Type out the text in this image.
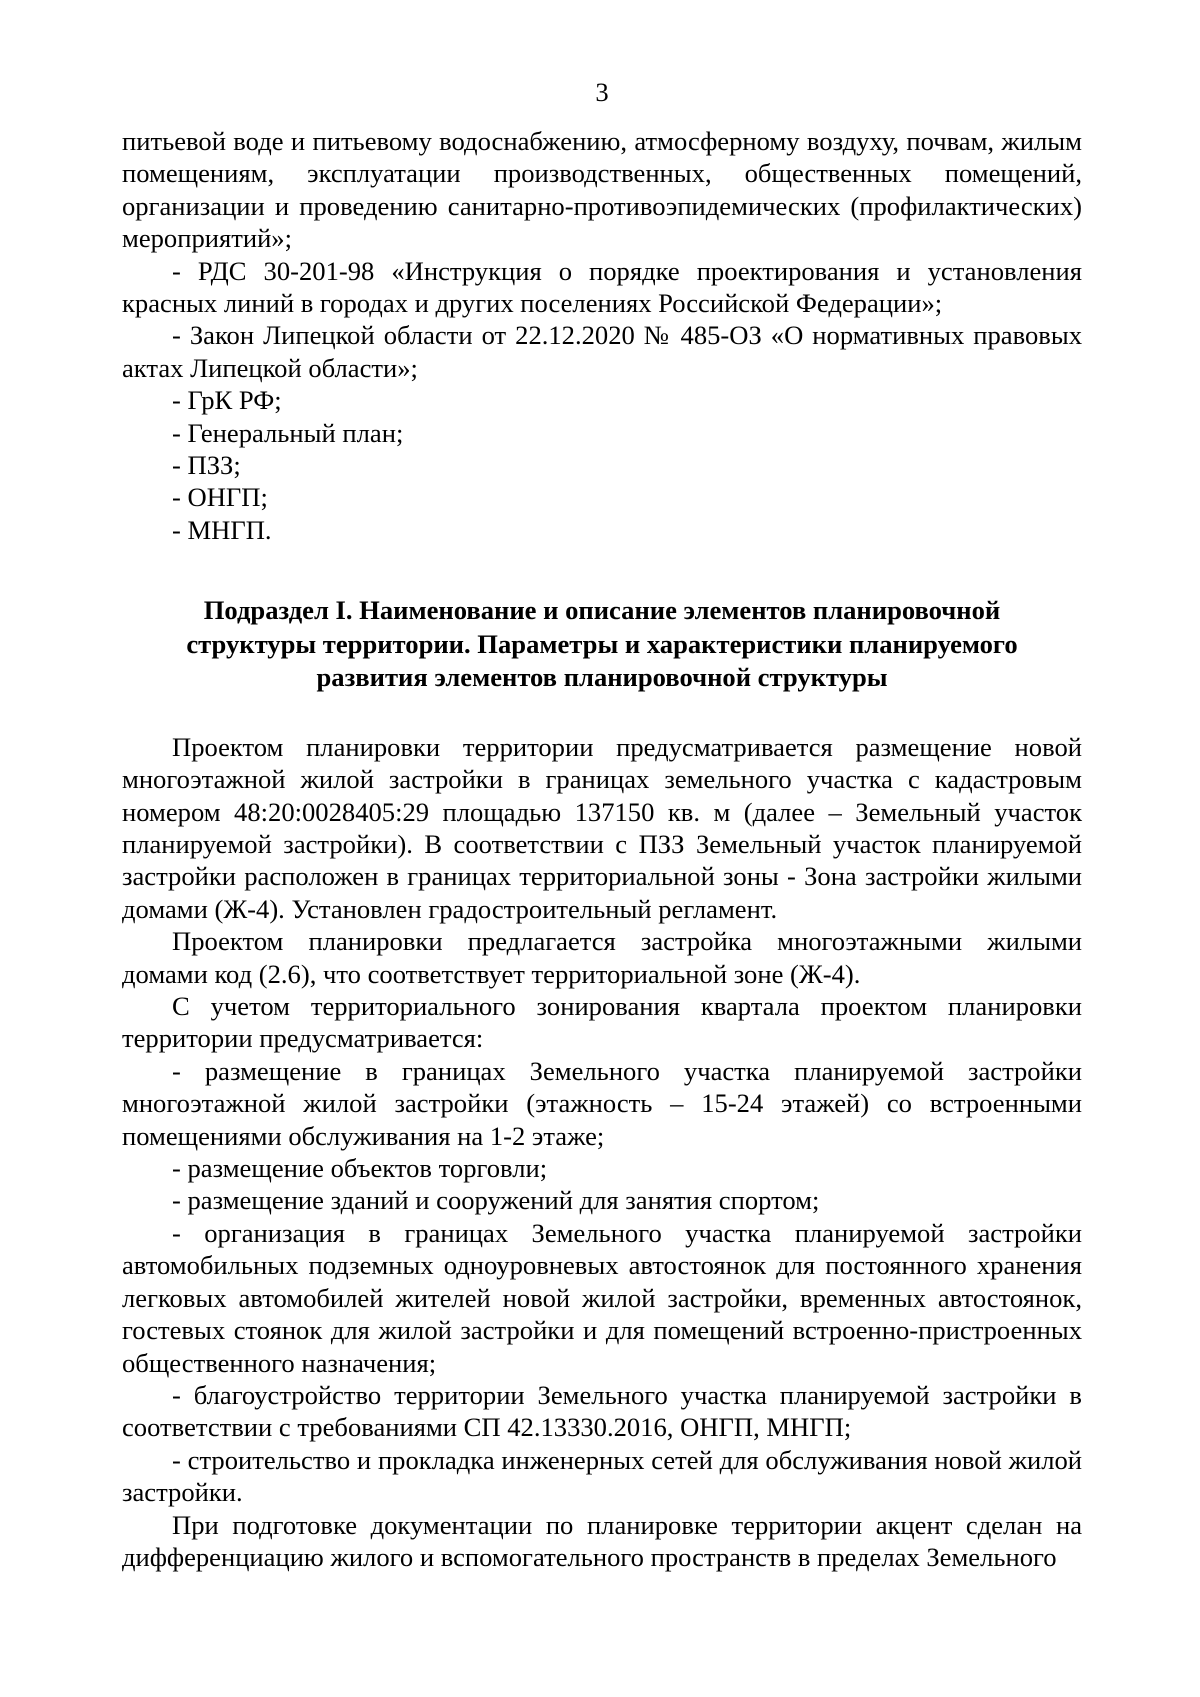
3

питьевой воде и питьевому водоснабжению, атмосферному воздуху, почвам, жилым помещениям, эксплуатации производственных, общественных помещений, организации и проведению санитарно-противоэпидемических (профилактических) мероприятий»;

- РДС 30-201-98 «Инструкция о порядке проектирования и установления красных линий в городах и других поселениях Российской Федерации»;

- Закон Липецкой области от 22.12.2020 № 485-ОЗ «О нормативных правовых актах Липецкой области»;

- ГрК РФ;

- Генеральный план;

- ПЗЗ;

- ОНГП;

- МНГП.

Подраздел I. Наименование и описание элементов планировочной
структуры территории. Параметры и характеристики планируемого
развития элементов планировочной структуры

Проектом планировки территории предусматривается размещение новой многоэтажной жилой застройки в границах земельного участка с кадастровым номером 48:20:0028405:29 площадью 137150 кв. м (далее – Земельный участок планируемой застройки). В соответствии с ПЗЗ Земельный участок планируемой застройки расположен в границах территориальной зоны - Зона застройки жилыми домами (Ж-4). Установлен градостроительный регламент.

Проектом планировки предлагается застройка многоэтажными жилыми домами код (2.6), что соответствует территориальной зоне (Ж-4).

С учетом территориального зонирования квартала проектом планировки территории предусматривается:

- размещение в границах Земельного участка планируемой застройки многоэтажной жилой застройки (этажность – 15-24 этажей) со встроенными помещениями обслуживания на 1-2 этаже;

- размещение объектов торговли;

- размещение зданий и сооружений для занятия спортом;

- организация в границах Земельного участка планируемой застройки автомобильных подземных одноуровневых автостоянок для постоянного хранения легковых автомобилей жителей новой жилой застройки, временных автостоянок, гостевых стоянок для жилой застройки и для помещений встроенно-пристроенных общественного назначения;

- благоустройство территории Земельного участка планируемой застройки в соответствии с требованиями СП 42.13330.2016, ОНГП, МНГП;

- строительство и прокладка инженерных сетей для обслуживания новой жилой застройки.

При подготовке документации по планировке территории акцент сделан на дифференциацию жилого и вспомогательного пространств в пределах Земельного
